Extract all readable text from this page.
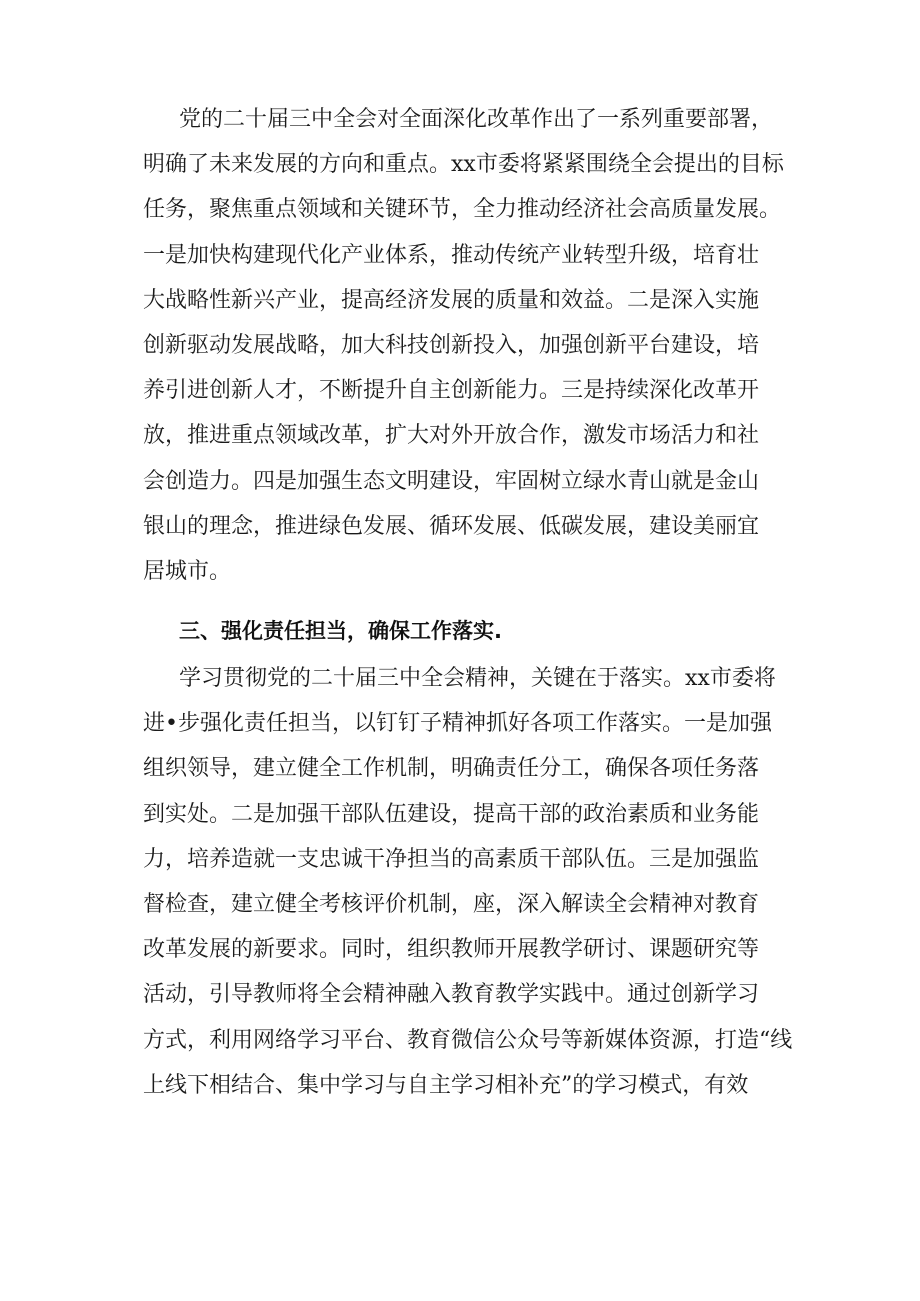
党的二十届三中全会对全面深化改革作出了一系列重要部署，
明确了未来发展的方向和重点。xx市委将紧紧围绕全会提出的目标
任务，聚焦重点领域和关键环节，全力推动经济社会高质量发展。
一是加快构建现代化产业体系，推动传统产业转型升级，培育壮
大战略性新兴产业，提高经济发展的质量和效益。二是深入实施
创新驱动发展战略，加大科技创新投入，加强创新平台建设，培
养引进创新人才，不断提升自主创新能力。三是持续深化改革开
放，推进重点领域改革，扩大对外开放合作，激发市场活力和社
会创造力。四是加强生态文明建设，牢固树立绿水青山就是金山
银山的理念，推进绿色发展、循环发展、低碳发展，建设美丽宜
居城市。
三、强化责任担当，确保工作落实.
学习贯彻党的二十届三中全会精神，关键在于落实。xx市委将
进•步强化责任担当，以钉钉子精神抓好各项工作落实。一是加强
组织领导，建立健全工作机制，明确责任分工，确保各项任务落
到实处。二是加强干部队伍建设，提高干部的政治素质和业务能
力，培养造就一支忠诚干净担当的高素质干部队伍。三是加强监
督检查，建立健全考核评价机制，座，深入解读全会精神对教育
改革发展的新要求。同时，组织教师开展教学研讨、课题研究等
活动，引导教师将全会精神融入教育教学实践中。通过创新学习
方式，利用网络学习平台、教育微信公众号等新媒体资源，打造“线
上线下相结合、集中学习与自主学习相补充”的学习模式，有效
